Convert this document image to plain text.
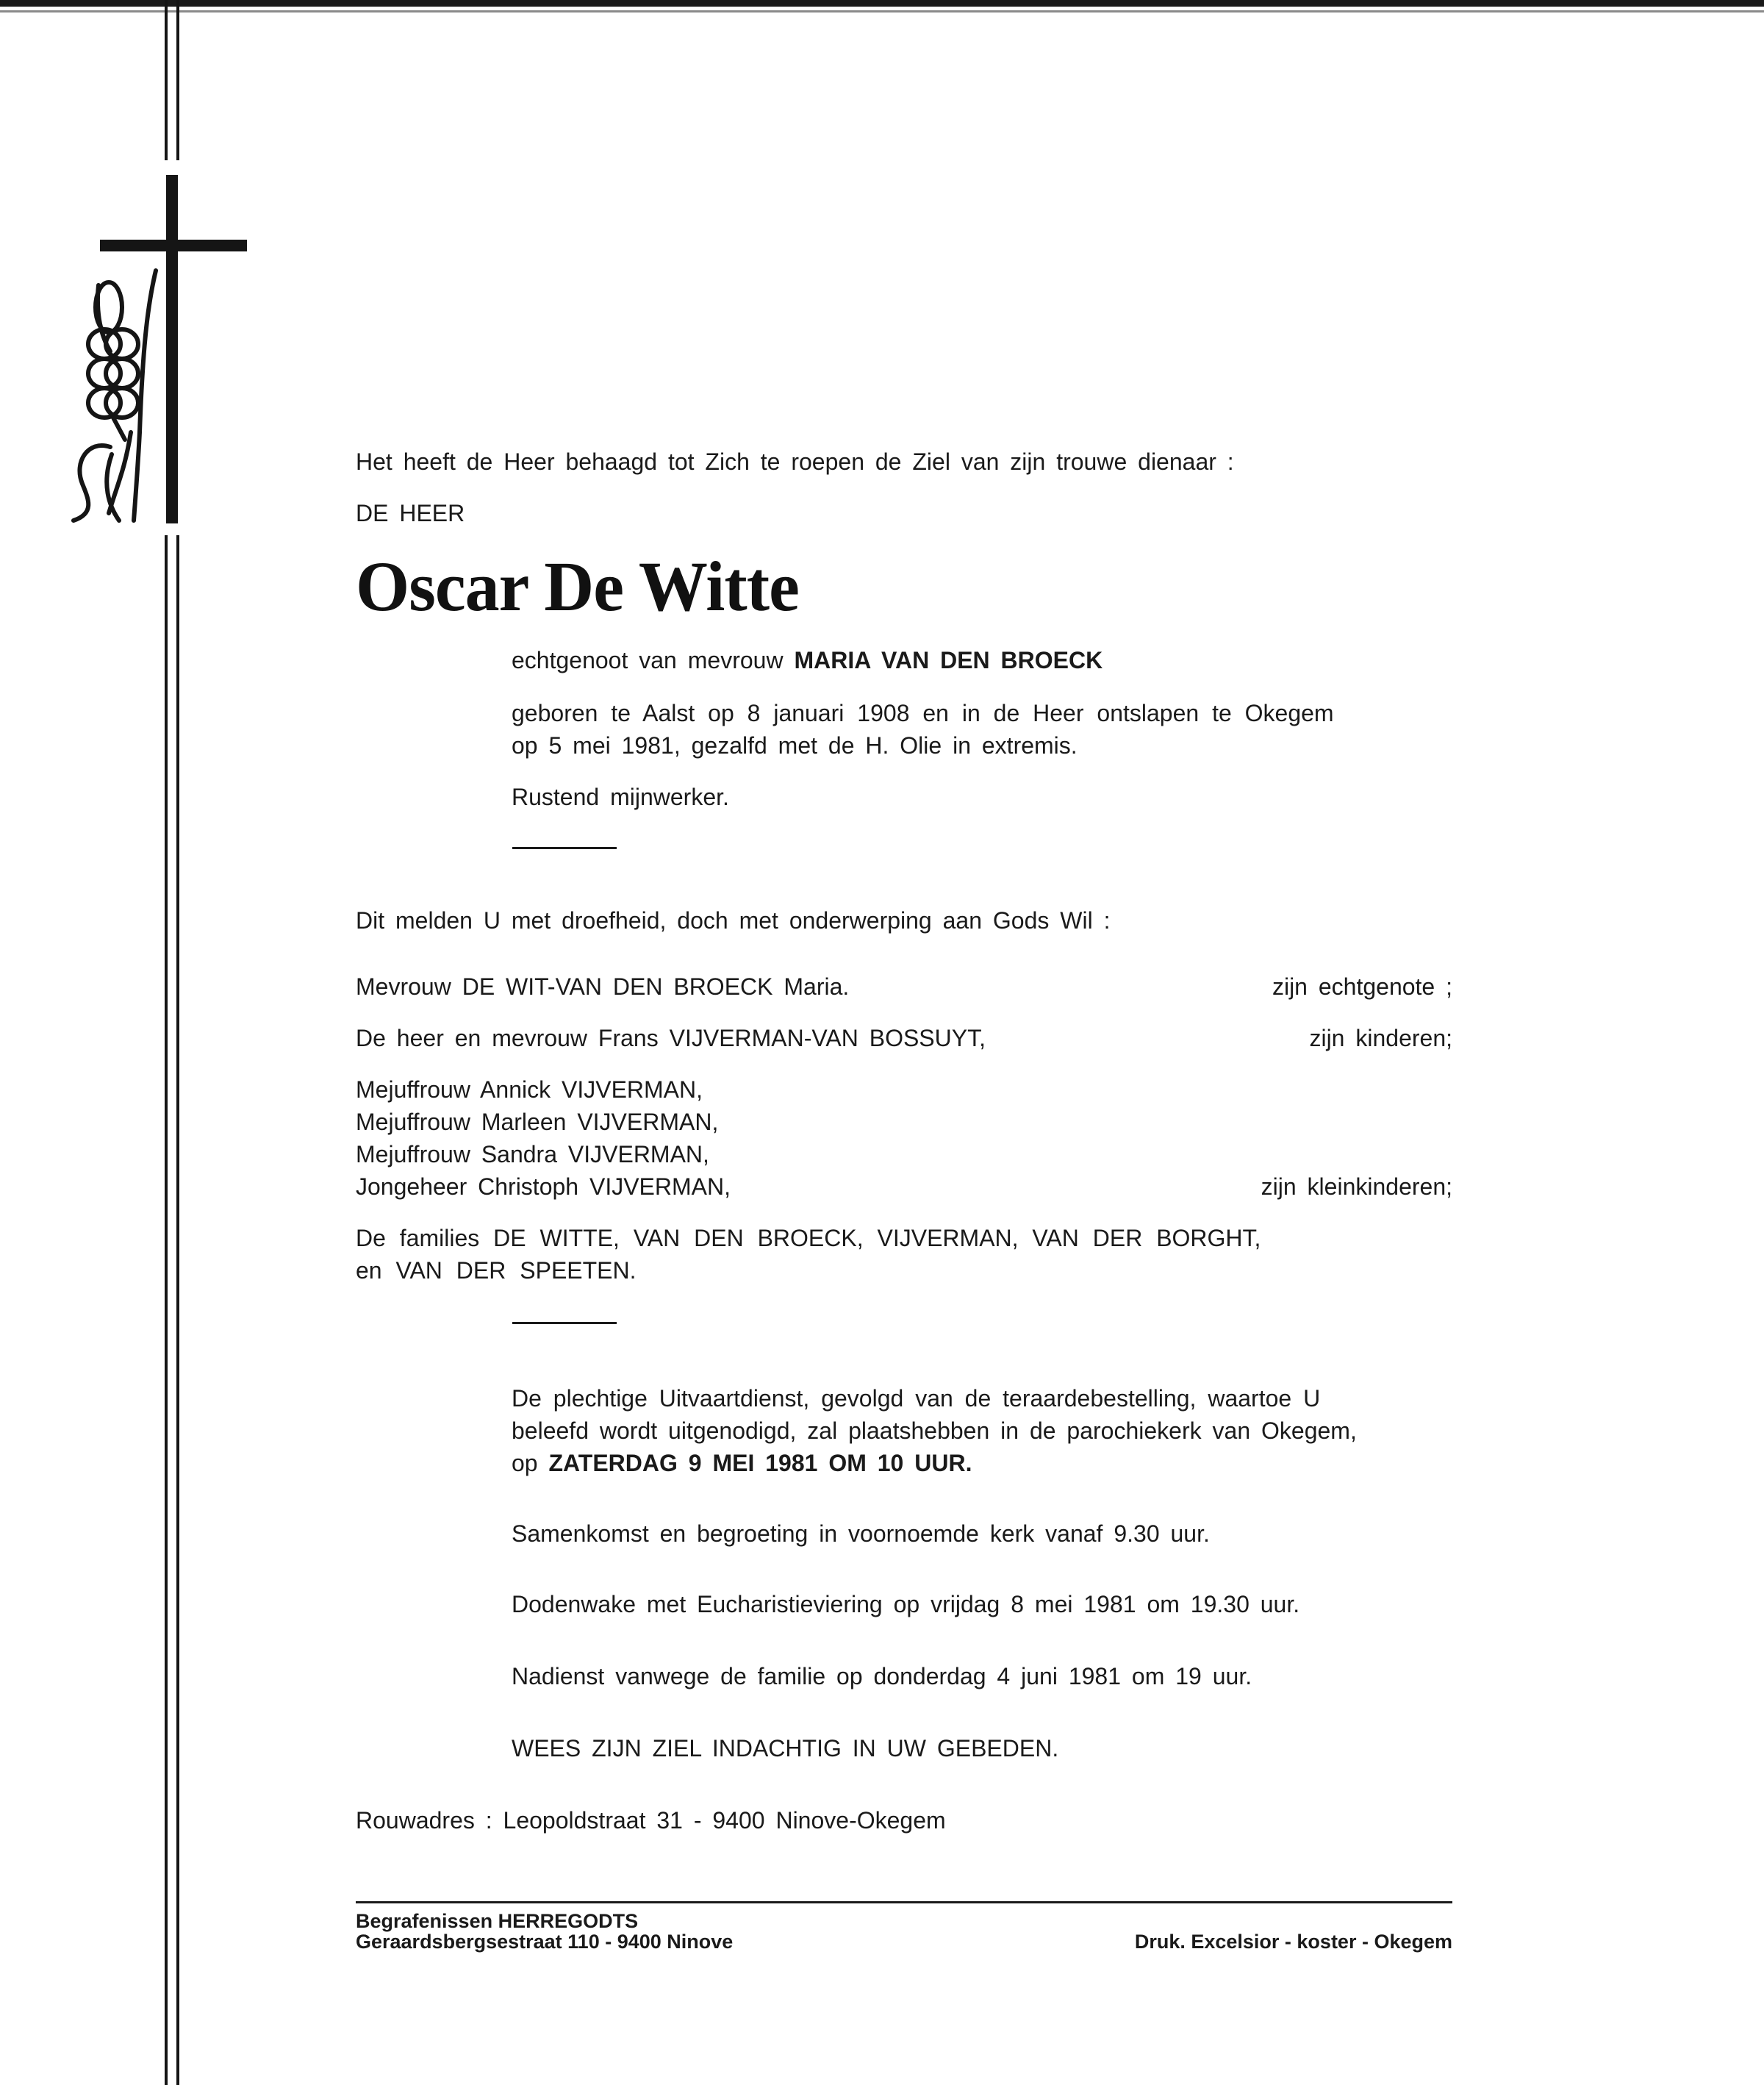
Het heeft de Heer behaagd tot Zich te roepen de Ziel van zijn trouwe dienaar :
DE HEER
Oscar De Witte
echtgenoot van mevrouw MARIA VAN DEN BROECK
geboren te Aalst op 8 januari 1908 en in de Heer ontslapen te Okegem
op 5 mei 1981, gezalfd met de H. Olie in extremis.
Rustend mijnwerker.
Dit melden U met droefheid, doch met onderwerping aan Gods Wil :
Mevrouw DE WIT-VAN DEN BROECK Maria.	zijn echtgenote ;
De heer en mevrouw Frans VIJVERMAN-VAN BOSSUYT,	zijn kinderen;
Mejuffrouw Annick VIJVERMAN,
Mejuffrouw Marleen VIJVERMAN,
Mejuffrouw Sandra VIJVERMAN,
Jongeheer Christoph VIJVERMAN,	zijn kleinkinderen;
De families DE WITTE, VAN DEN BROECK, VIJVERMAN, VAN DER BORGHT,
en VAN DER SPEETEN.
De plechtige Uitvaartdienst, gevolgd van de teraardebestelling, waartoe U
beleefd wordt uitgenodigd, zal plaatshebben in de parochiekerk van Okegem,
op ZATERDAG 9 MEI 1981 OM 10 UUR.
Samenkomst en begroeting in voornoemde kerk vanaf 9.30 uur.
Dodenwake met Eucharistieviering op vrijdag 8 mei 1981 om 19.30 uur.
Nadienst vanwege de familie op donderdag 4 juni 1981 om 19 uur.
WEES ZIJN ZIEL INDACHTIG IN UW GEBEDEN.
Rouwadres : Leopoldstraat 31 - 9400 Ninove-Okegem
Begrafenissen HERREGODTS
Geraardsbergsestraat 110 - 9400 Ninove	Druk. Excelsior - koster - Okegem
